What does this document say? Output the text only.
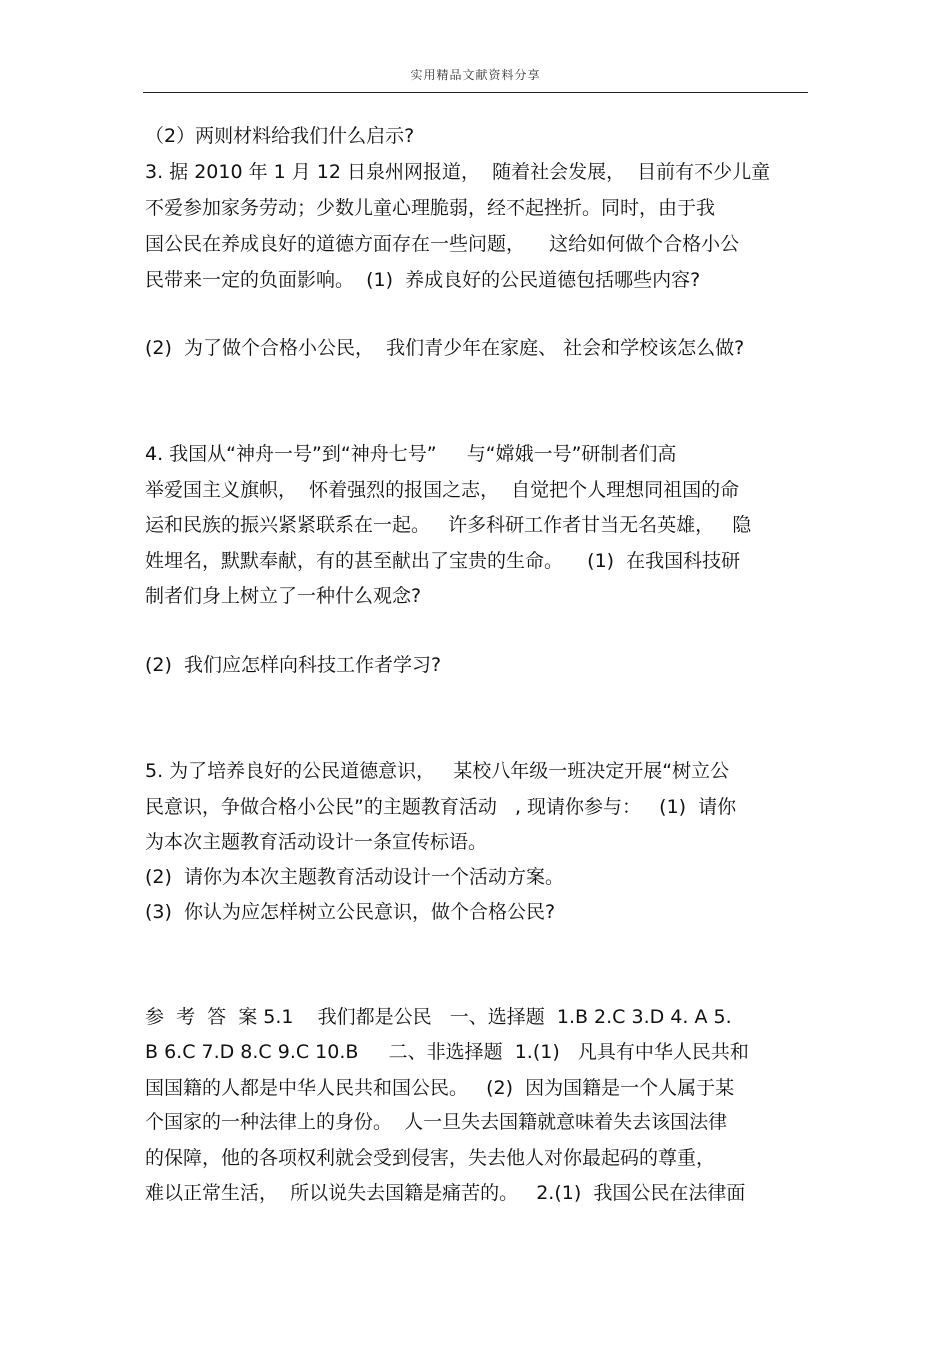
实用精品文献资料分享
（2）两则材料给我们什么启示?
3. 据 2010 年 1 月 12 日泉州网报道，  随着社会发展，  目前有不少儿童
不爱参加家务劳动；少数儿童心理脆弱，经不起挫折。同时，由于我
国公民在养成良好的道德方面存在一些问题，    这给如何做个合格小公
民带来一定的负面影响。  (1)  养成良好的公民道德包括哪些内容?
(2)  为了做个合格小公民，  我们青少年在家庭、 社会和学校该怎么做?
4. 我国从“神舟一号”到“神舟七号”     与“嫦娥一号”研制者们高
举爱国主义旗帜，  怀着强烈的报国之志，  自觉把个人理想同祖国的命
运和民族的振兴紧紧联系在一起。   许多科研工作者甘当无名英雄，   隐
姓埋名，默默奉献，有的甚至献出了宝贵的生命。    (1)  在我国科技研
制者们身上树立了一种什么观念?
(2)  我们应怎样向科技工作者学习?
5. 为了培养良好的公民道德意识，   某校八年级一班决定开展“树立公
民意识，争做合格小公民”的主题教育活动   , 现请你参与：   (1)  请你
为本次主题教育活动设计一条宣传标语。
(2)  请你为本次主题教育活动设计一个活动方案。
(3)  你认为应怎样树立公民意识，做个合格公民?
参  考  答  案 5.1    我们都是公民   一、选择题  1.B 2.C 3.D 4. A 5.
B 6.C 7.D 8.C 9.C 10.B     二、非选择题  1.(1)   凡具有中华人民共和
国国籍的人都是中华人民共和国公民。   (2)  因为国籍是一个人属于某
个国家的一种法律上的身份。  人一旦失去国籍就意味着失去该国法律
的保障，他的各项权利就会受到侵害，失去他人对你最起码的尊重，
难以正常生活，  所以说失去国籍是痛苦的。   2.(1)  我国公民在法律面
